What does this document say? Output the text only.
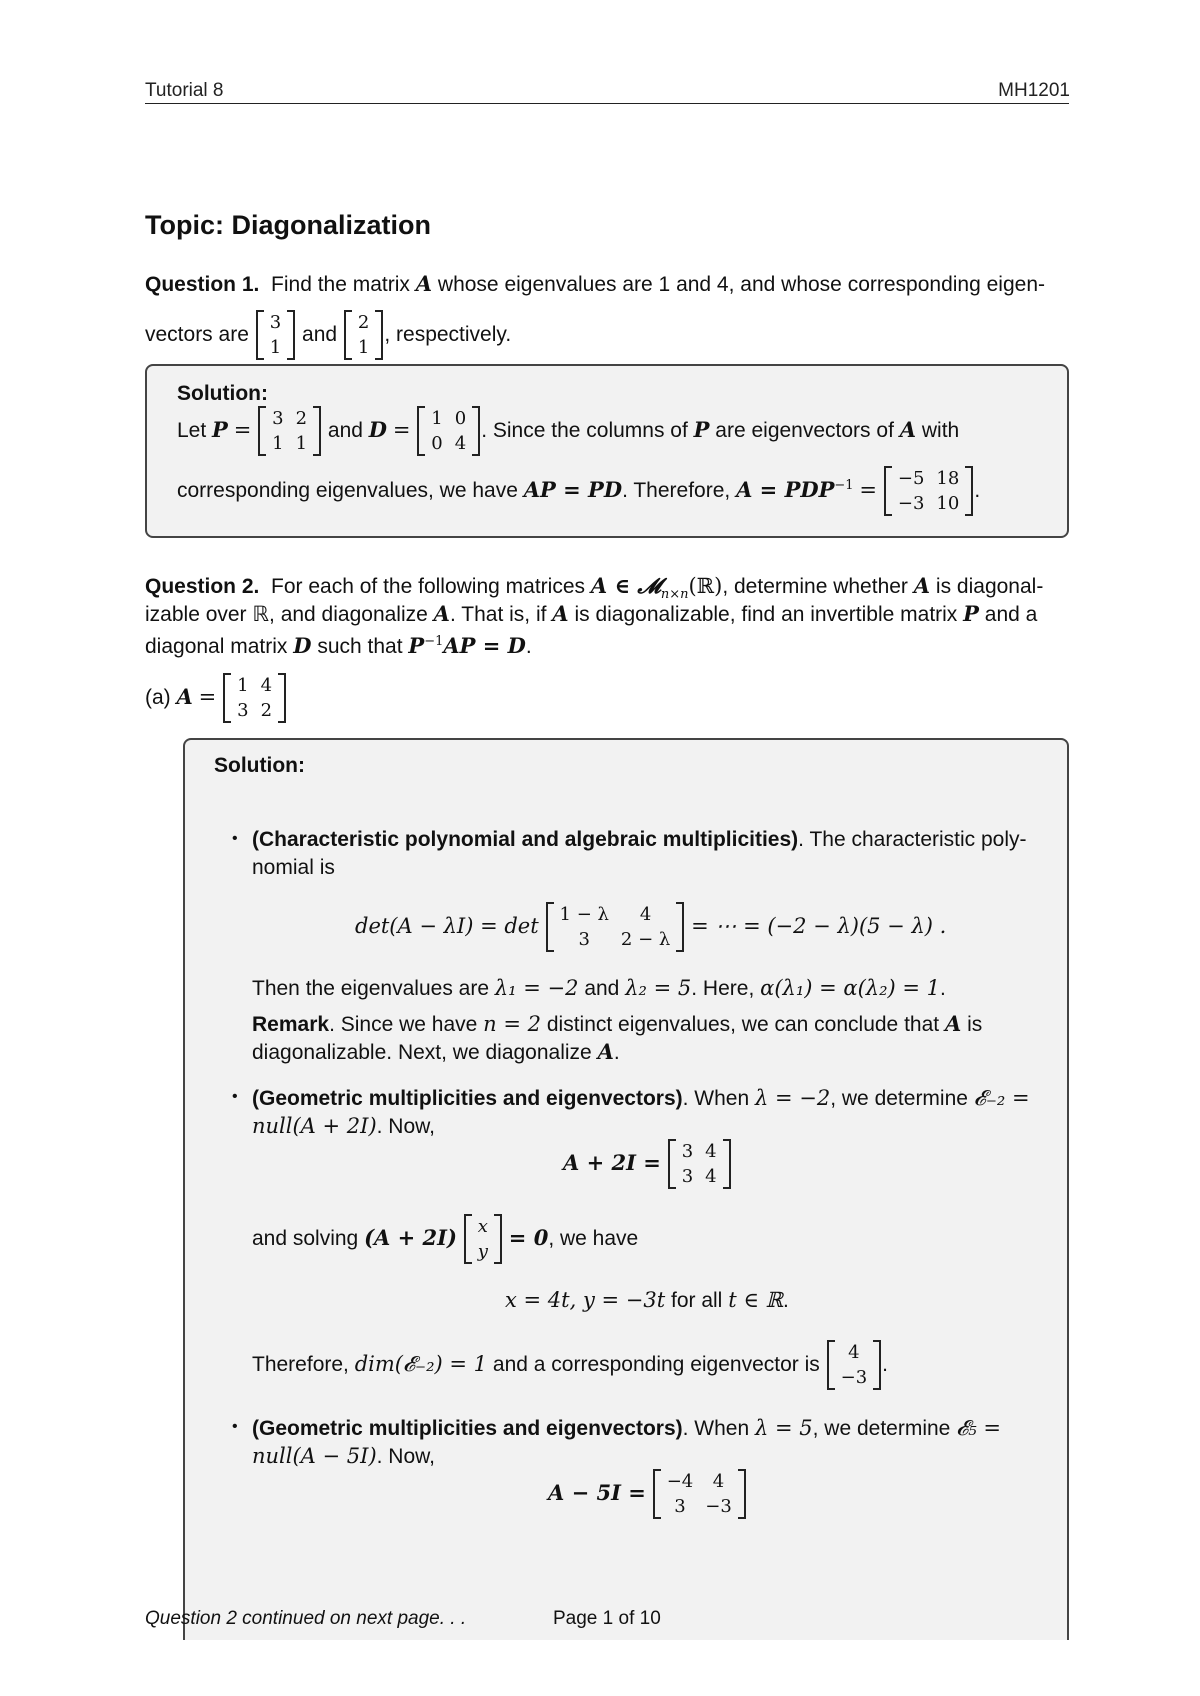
Tutorial 8	MH1201
Topic: Diagonalization
Question 1. Find the matrix A whose eigenvalues are 1 and 4, and whose corresponding eigen-
vectors are
3
1
and
2
1
, respectively.
Solution:
Let P = 3	2
1	1
and D = 1	0
0	4
. Since the columns of P are eigenvectors of A with
corresponding eigenvalues, we have AP = PD. Therefore, $A = PDP^{-1} = -5$	18
−3	10
.
Question 2. For each of the following matrices A ∈ 𝓜$_{n\times n}$(ℝ), determine whether A is diagonal-
izable over ℝ, and diagonalize A. That is, if A is diagonalizable, find an invertible matrix P and a
diagonal matrix D such that $P^{-1}AP = D$.
(a) A = 1	4
3	2
Solution:
• (Characteristic polynomial and algebraic multiplicities). The characteristic poly-
nomial is
det(A − λI) = det 1 − λ	4
3	2 − λ
= ⋯ = (−2 − λ)(5 − λ) .
Then the eigenvalues are λ₁ = −2 and λ₂ = 5. Here, α(λ₁) = α(λ₂) = 1.
Remark. Since we have n = 2 distinct eigenvalues, we can conclude that A is
diagonalizable. Next, we diagonalize A.
• (Geometric multiplicities and eigenvectors). When λ = −2, we determine 𝓔₋₂ =
null(A + 2I). Now,
A + 2I = 3	4
3	4
and solving (A + 2I) x
y
= 0, we have
x = 4t, y = −3t for all t ∈ ℝ.
Therefore, dim(𝓔₋₂) = 1 and a corresponding eigenvector is
4
−3
.
• (Geometric multiplicities and eigenvectors). When λ = 5, we determine 𝓔₅ =
null(A − 5I). Now,
A − 5I = −4	4
3	−3
Question 2 continued on next page. . .	Page 1 of 10
